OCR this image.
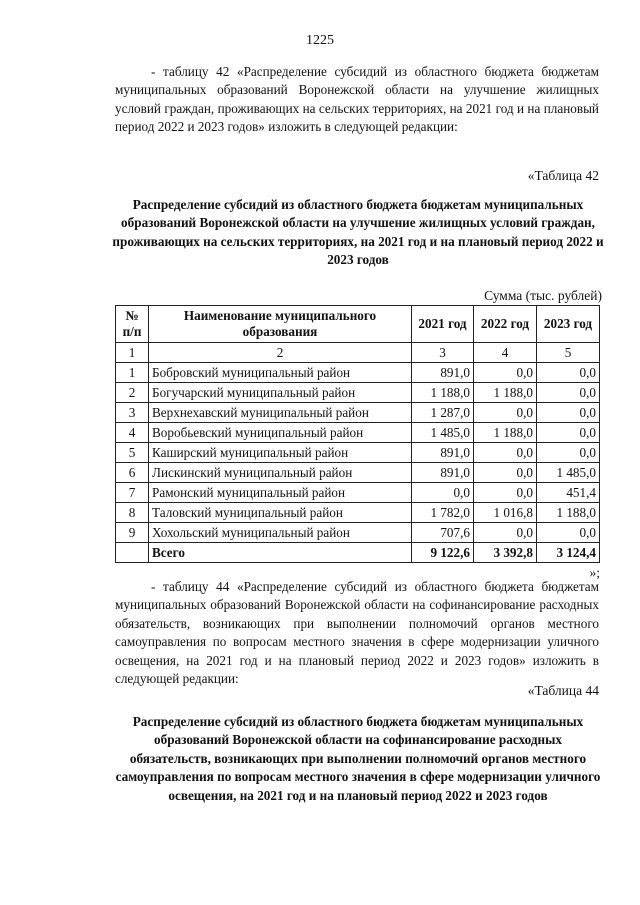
1225

- таблицу 42 «Распределение субсидий из областного бюджета бюджетам муниципальных образований Воронежской области на улучшение жилищных условий граждан, проживающих на сельских территориях, на 2021 год и на плановый период 2022 и 2023 годов» изложить в следующей редакции:

«Таблица 42

Распределение субсидий из областного бюджета бюджетам муниципальных образований Воронежской области на улучшение жилищных условий граждан, проживающих на сельских территориях, на 2021 год и на плановый период 2022 и 2023 годов

Сумма (тыс. рублей)
№ п/п	Наименование муниципального образования	2021 год	2022 год	2023 год
1	2	3	4	5
1	Бобровский муниципальный район	891,0	0,0	0,0
2	Богучарский муниципальный район	1 188,0	1 188,0	0,0
3	Верхнехавский муниципальный район	1 287,0	0,0	0,0
4	Воробьевский муниципальный район	1 485,0	1 188,0	0,0
5	Каширский муниципальный район	891,0	0,0	0,0
6	Лискинский муниципальный район	891,0	0,0	1 485,0
7	Рамонский муниципальный район	0,0	0,0	451,4
8	Таловский муниципальный район	1 782,0	1 016,8	1 188,0
9	Хохольский муниципальный район	707,6	0,0	0,0
	Всего	9 122,6	3 392,8	3 124,4
»;

- таблицу 44 «Распределение субсидий из областного бюджета бюджетам муниципальных образований Воронежской области на софинансирование расходных обязательств, возникающих при выполнении полномочий органов местного самоуправления по вопросам местного значения в сфере модернизации уличного освещения, на 2021 год и на плановый период 2022 и 2023 годов» изложить в следующей редакции:

«Таблица 44

Распределение субсидий из областного бюджета бюджетам муниципальных образований Воронежской области на софинансирование расходных обязательств, возникающих при выполнении полномочий органов местного самоуправления по вопросам местного значения в сфере модернизации уличного освещения, на 2021 год и на плановый период 2022 и 2023 годов
